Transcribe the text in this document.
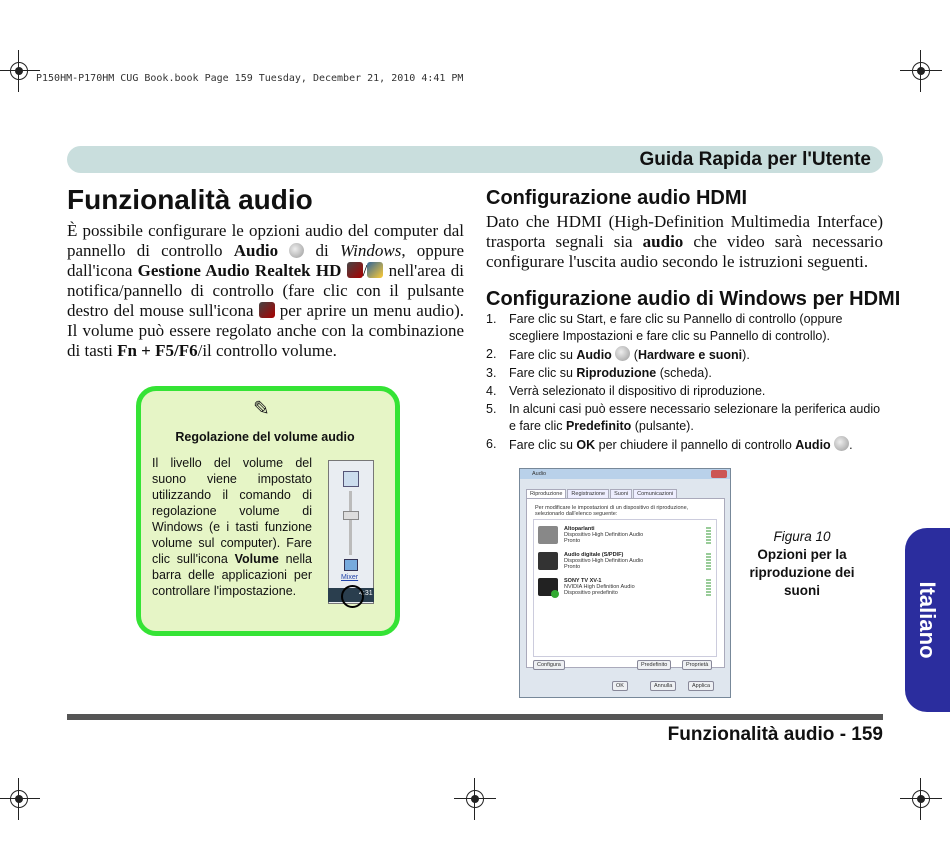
P150HM-P170HM CUG Book.book Page 159 Tuesday, December 21, 2010 4:41 PM
Guida Rapida per l'Utente
Funzionalità audio
È possibile configurare le opzioni audio del computer dal pannello di controllo Audio  di Windows, oppure dall'icona Gestione Audio Realtek HD / nell'area di notifica/pannello di controllo (fare clic con il pulsante destro del mouse sull'icona  per aprire un menu audio). Il volume può essere regolato anche con la combinazione di tasti Fn + F5/F6/il controllo volume.
✎
Regolazione del volume audio
Il livello del volume del suono viene impostato utilizzando il comando di regolazione volume di Windows (e i tasti funzione volume sul computer). Fare clic sull'icona Volume nella barra delle applicazioni per controllare l'impostazione.
Mixer
4:31
Configurazione audio HDMI
Dato che HDMI (High-Definition Multimedia Interface) trasporta segnali sia audio che video sarà necessario configurare l'uscita audio secondo le istruzioni seguenti.
Configurazione audio di Windows per HDMI
1. Fare clic su Start, e fare clic su Pannello di controllo (oppure scegliere Impostazioni e fare clic su Pannello di controllo).
2. Fare clic su Audio  (Hardware e suoni).
3. Fare clic su Riproduzione (scheda).
4. Verrà selezionato il dispositivo di riproduzione.
5. In alcuni casi può essere necessario selezionare la periferica audio e fare clic Predefinito (pulsante).
6. Fare clic su OK per chiudere il pannello di controllo Audio .
Audio
Riproduzione Registrazione Suoni Comunicazioni
Per modificare le impostazioni di un dispositivo di riproduzione, selezionarlo dall'elenco seguente:
Altoparlanti
Dispositivo High Definition Audio
Pronto
Audio digitale (S/PDIF)
Dispositivo High Definition Audio
Pronto
SONY TV XV-1
NVIDIA High Definition Audio
Dispositivo predefinito
Configura	Predefinito	Proprietà
OK	Annulla	Applica
Figura 10
Opzioni per la riproduzione dei suoni	Italiano
Funzionalità audio - 159
